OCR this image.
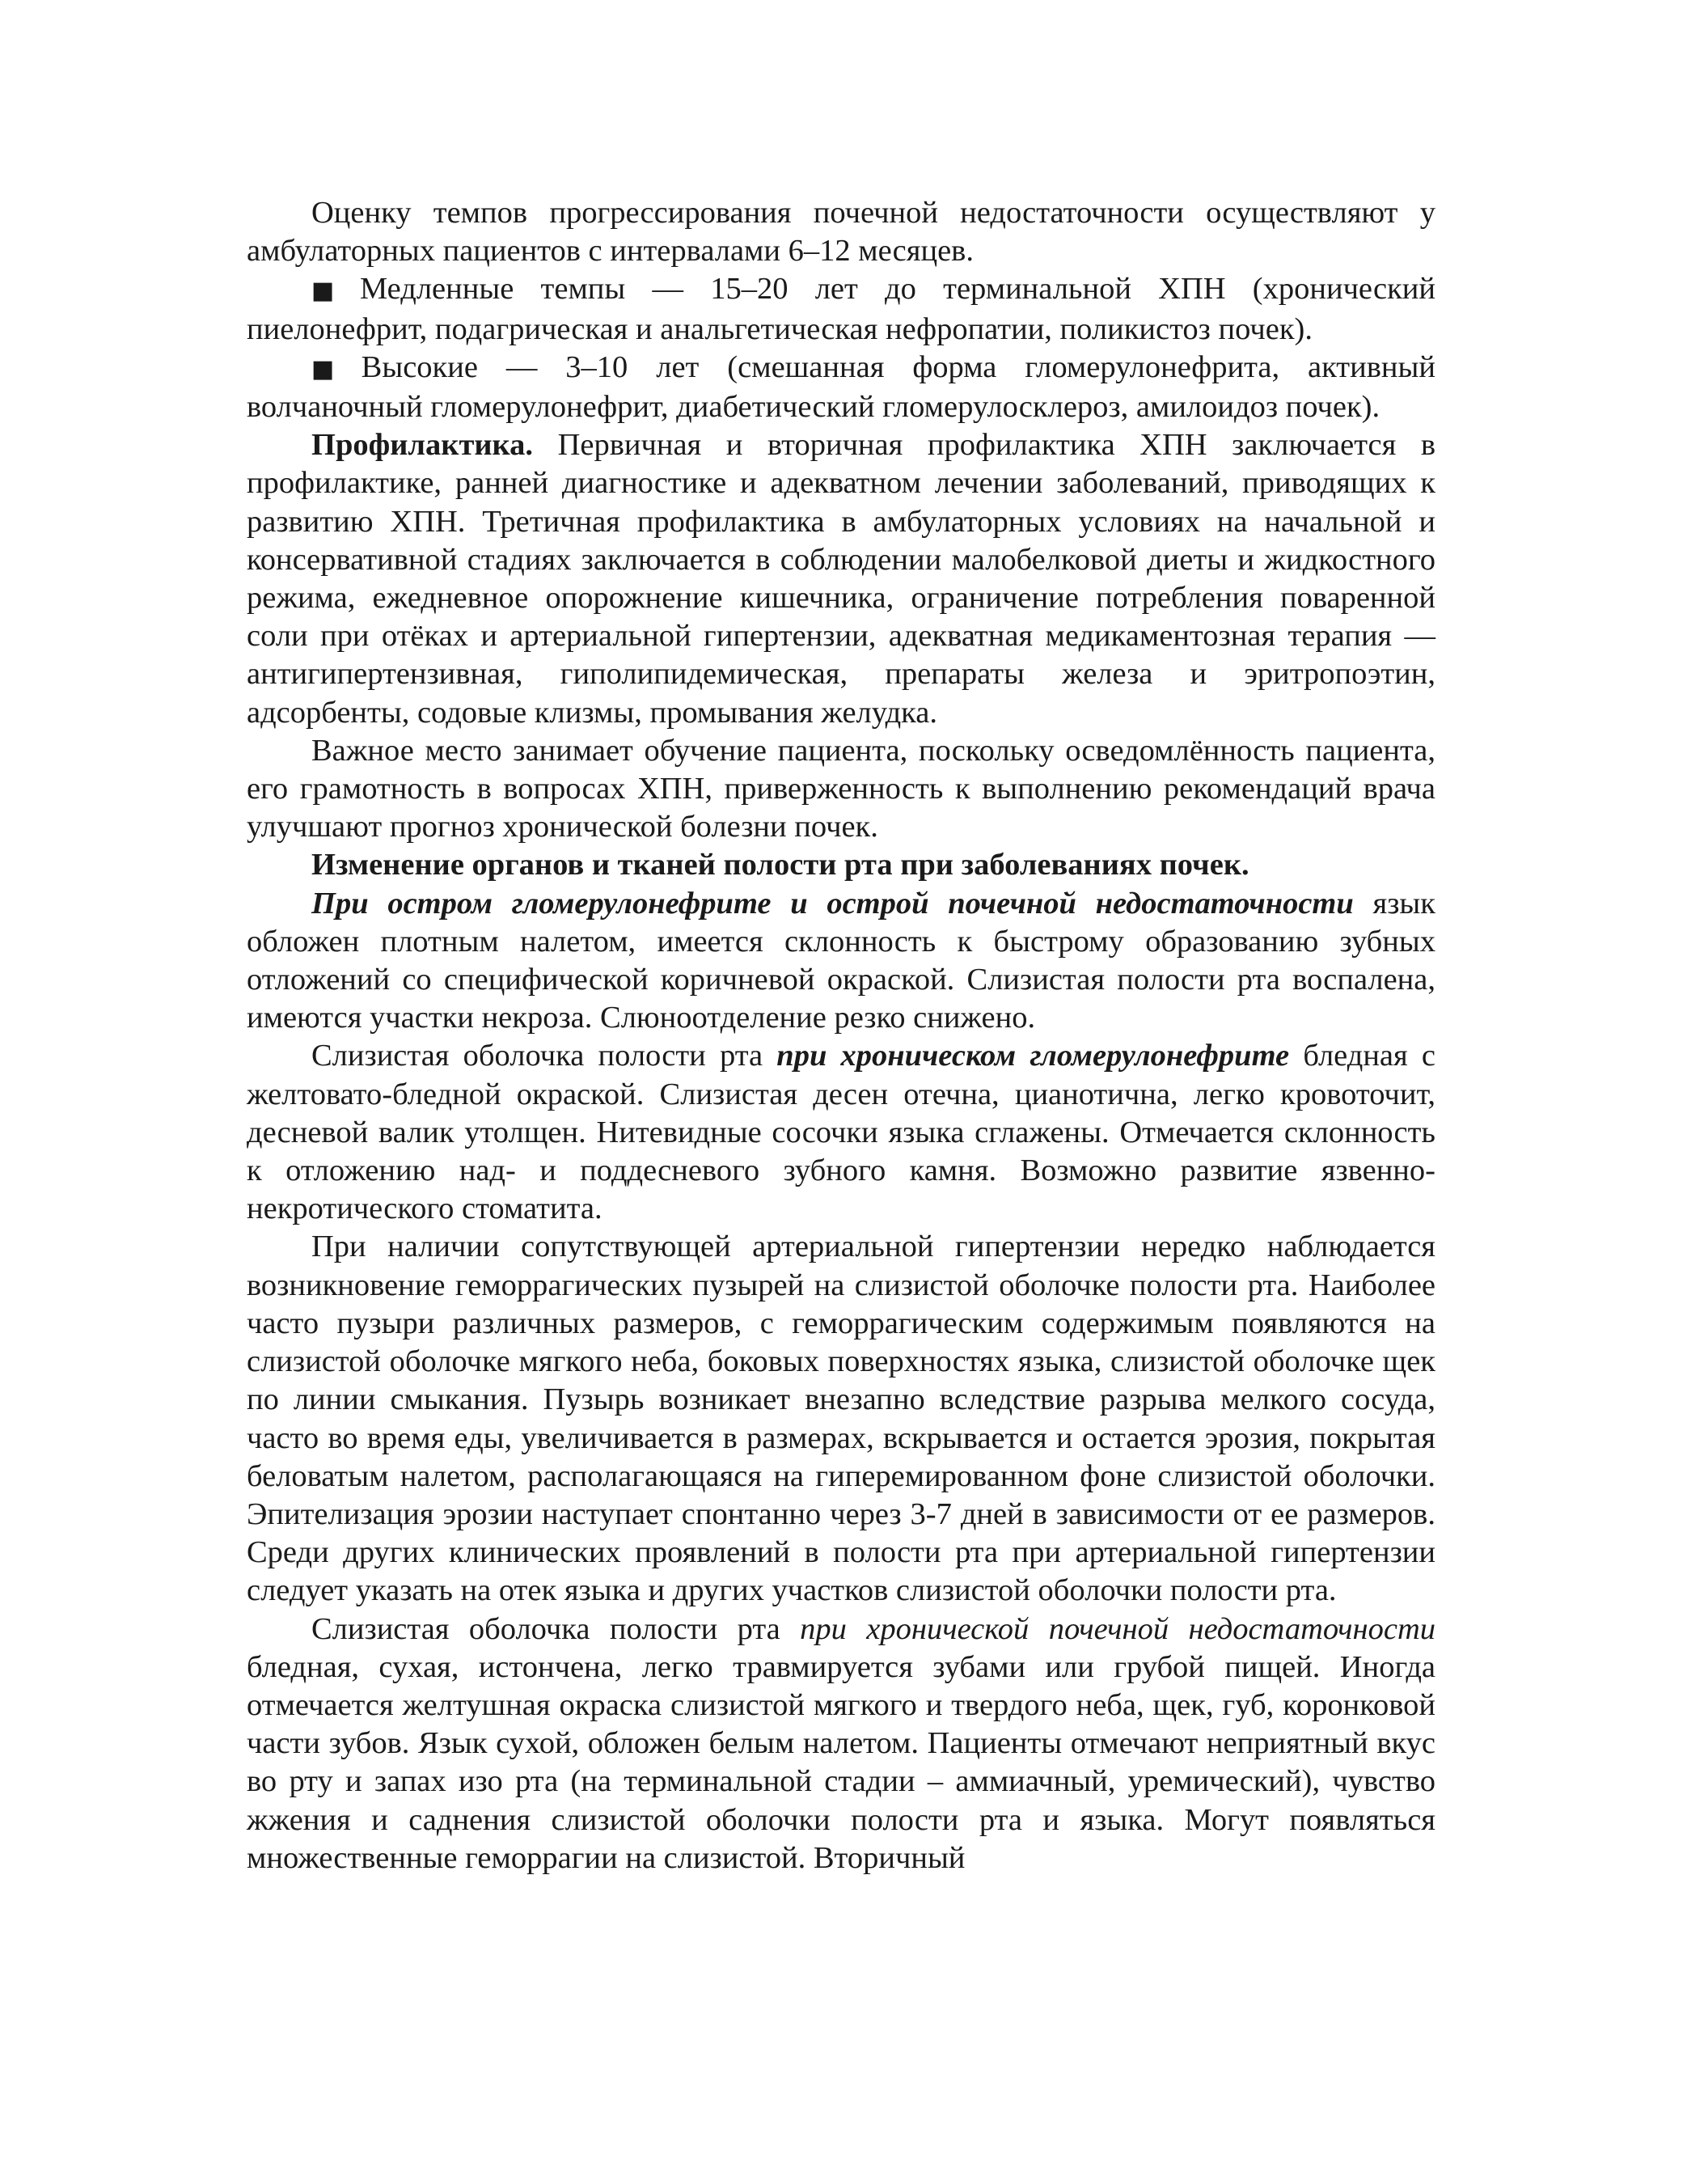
Оценку темпов прогрессирования почечной недостаточности осуществляют у амбулаторных пациентов с интервалами 6–12 месяцев.

■ Медленные темпы — 15–20 лет до терминальной ХПН (хронический пиелонефрит, подагрическая и анальгетическая нефропатии, поликистоз почек).

■ Высокие — 3–10 лет (смешанная форма гломерулонефрита, активный волчаночный гломерулонефрит, диабетический гломерулосклероз, амилоидоз почек).

Профилактика. Первичная и вторичная профилактика ХПН заключается в профилактике, ранней диагностике и адекватном лечении заболеваний, приводящих к развитию ХПН. Третичная профилактика в амбулаторных условиях на начальной и консервативной стадиях заключается в соблюдении малобелковой диеты и жидкостного режима, ежедневное опорожнение кишечника, ограничение потребления поваренной соли при отёках и артериальной гипертензии, адекватная медикаментозная терапия — антигипертензивная, гиполипидемическая, препараты железа и эритропоэтин, адсорбенты, содовые клизмы, промывания желудка.

Важное место занимает обучение пациента, поскольку осведомлённость пациента, его грамотность в вопросах ХПН, приверженность к выполнению рекомендаций врача улучшают прогноз хронической болезни почек.

Изменение органов и тканей полости рта при заболеваниях почек.

При остром гломерулонефрите и острой почечной недостаточности язык обложен плотным налетом, имеется склонность к быстрому образованию зубных отложений со специфической коричневой окраской. Слизистая полости рта воспалена, имеются участки некроза. Слюноотделение резко снижено.

Слизистая оболочка полости рта при хроническом гломерулонефрите бледная с желтовато-бледной окраской. Слизистая десен отечна, цианотична, легко кровоточит, десневой валик утолщен. Нитевидные сосочки языка сглажены. Отмечается склонность к отложению над- и поддесневого зубного камня. Возможно развитие язвенно-некротического стоматита.

При наличии сопутствующей артериальной гипертензии нередко наблюдается возникновение геморрагических пузырей на слизистой оболочке полости рта. Наиболее часто пузыри различных размеров, с геморрагическим содержимым появляются на слизистой оболочке мягкого неба, боковых поверхностях языка, слизистой оболочке щек по линии смыкания. Пузырь возникает внезапно вследствие разрыва мелкого сосуда, часто во время еды, увеличивается в размерах, вскрывается и остается эрозия, покрытая беловатым налетом, располагающаяся на гиперемированном фоне слизистой оболочки. Эпителизация эрозии наступает спонтанно через 3-7 дней в зависимости от ее размеров. Среди других клинических проявлений в полости рта при артериальной гипертензии следует указать на отек языка и других участков слизистой оболочки полости рта.

Слизистая оболочка полости рта при хронической почечной недостаточности бледная, сухая, истончена, легко травмируется зубами или грубой пищей. Иногда отмечается желтушная окраска слизистой мягкого и твердого неба, щек, губ, коронковой части зубов. Язык сухой, обложен белым налетом. Пациенты отмечают неприятный вкус во рту и запах изо рта (на терминальной стадии – аммиачный, уремический), чувство жжения и саднения слизистой оболочки полости рта и языка. Могут появляться множественные геморрагии на слизистой. Вторичный
